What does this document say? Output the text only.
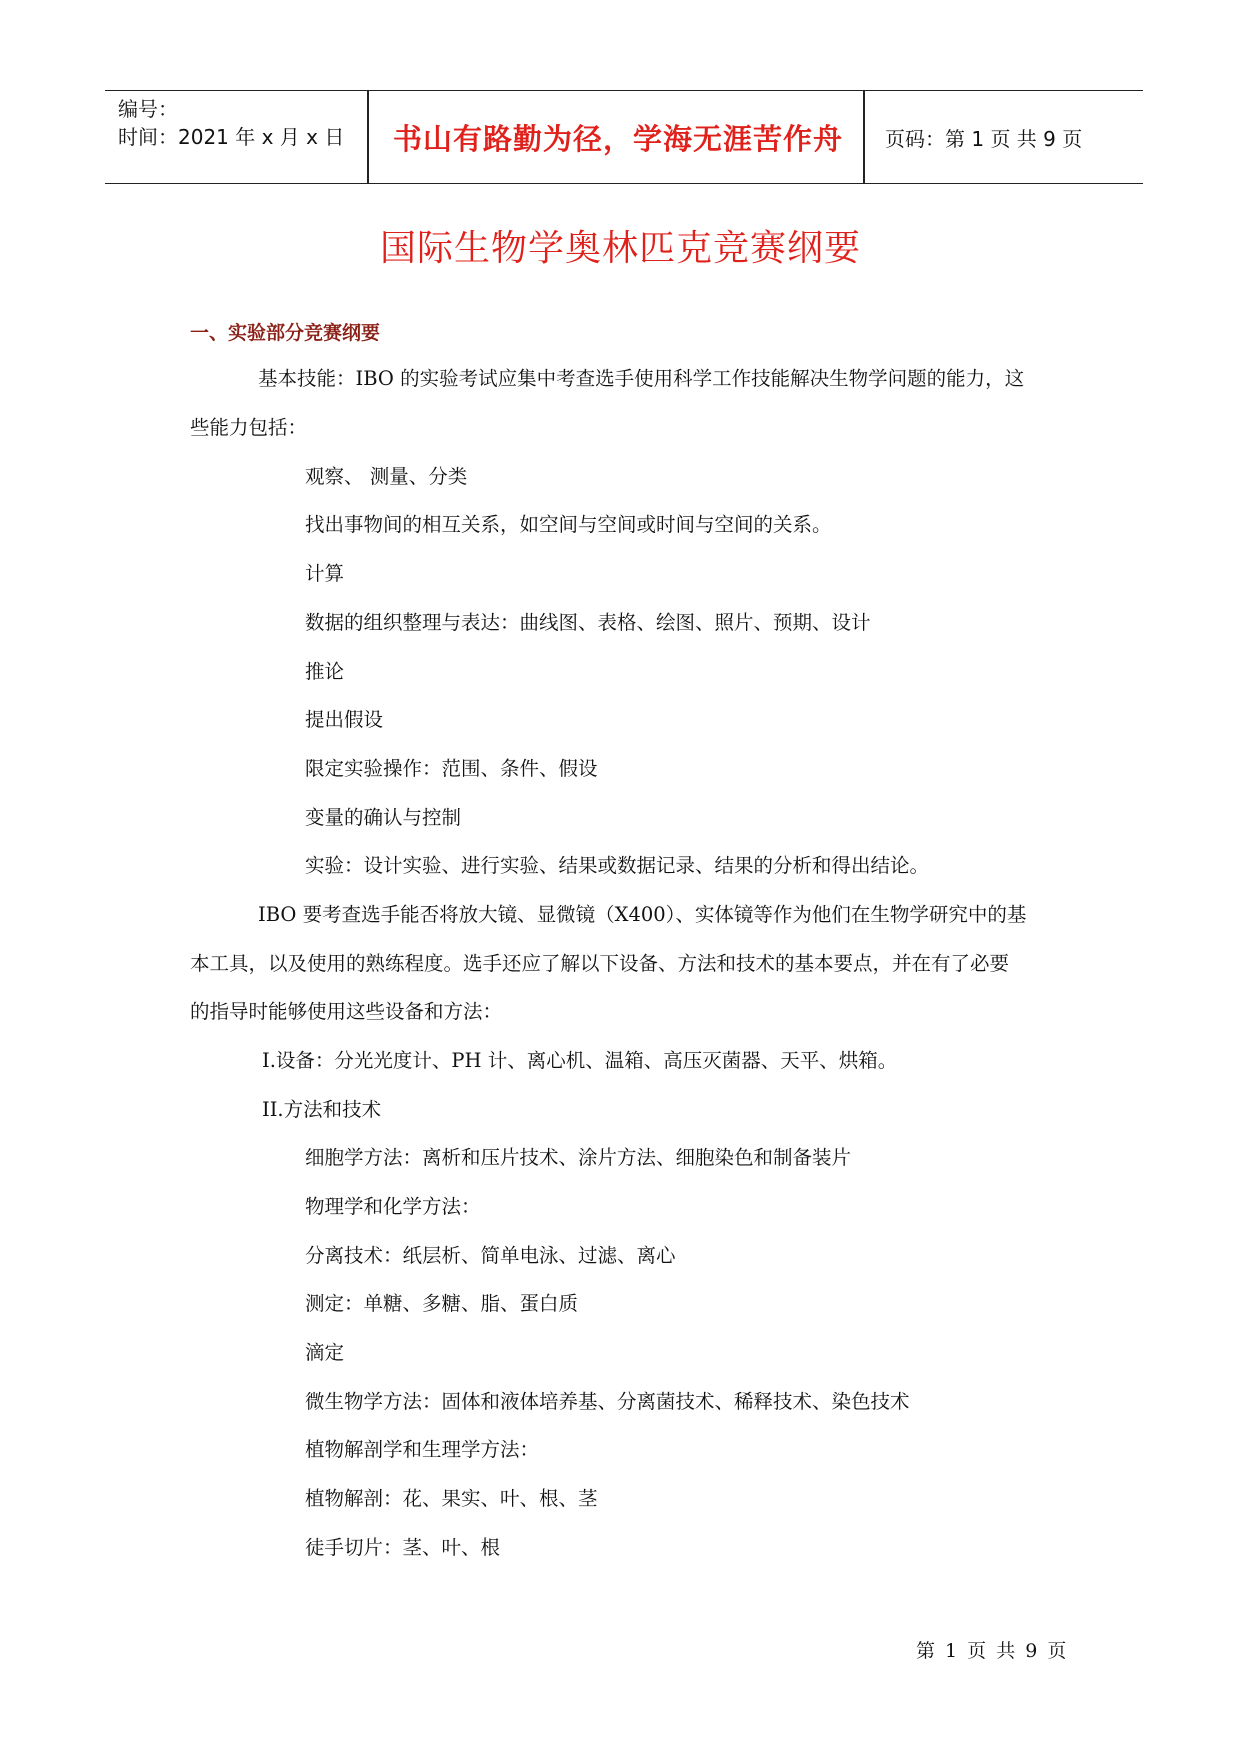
编号：
时间：2021 年 x 月 x 日	书山有路勤为径，学海无涯苦作舟	页码：第 1 页 共 9 页
国际生物学奥林匹克竞赛纲要
一、实验部分竞赛纲要
基本技能：IBO 的实验考试应集中考查选手使用科学工作技能解决生物学问题的能力，这
些能力包括：
观察、 测量、分类
找出事物间的相互关系，如空间与空间或时间与空间的关系。
计算
数据的组织整理与表达：曲线图、表格、绘图、照片、预期、设计
推论
提出假设
限定实验操作：范围、条件、假设
变量的确认与控制
实验：设计实验、进行实验、结果或数据记录、结果的分析和得出结论。
IBO 要考查选手能否将放大镜、显微镜（X400）、实体镜等作为他们在生物学研究中的基
本工具，以及使用的熟练程度。选手还应了解以下设备、方法和技术的基本要点，并在有了必要
的指导时能够使用这些设备和方法：
I.设备：分光光度计、PH 计、离心机、温箱、高压灭菌器、天平、烘箱。
II.方法和技术
细胞学方法：离析和压片技术、涂片方法、细胞染色和制备装片
物理学和化学方法：
分离技术：纸层析、简单电泳、过滤、离心
测定：单糖、多糖、脂、蛋白质
滴定
微生物学方法：固体和液体培养基、分离菌技术、稀释技术、染色技术
植物解剖学和生理学方法：
植物解剖：花、果实、叶、根、茎
徒手切片：茎、叶、根
第 1 页 共 9 页
